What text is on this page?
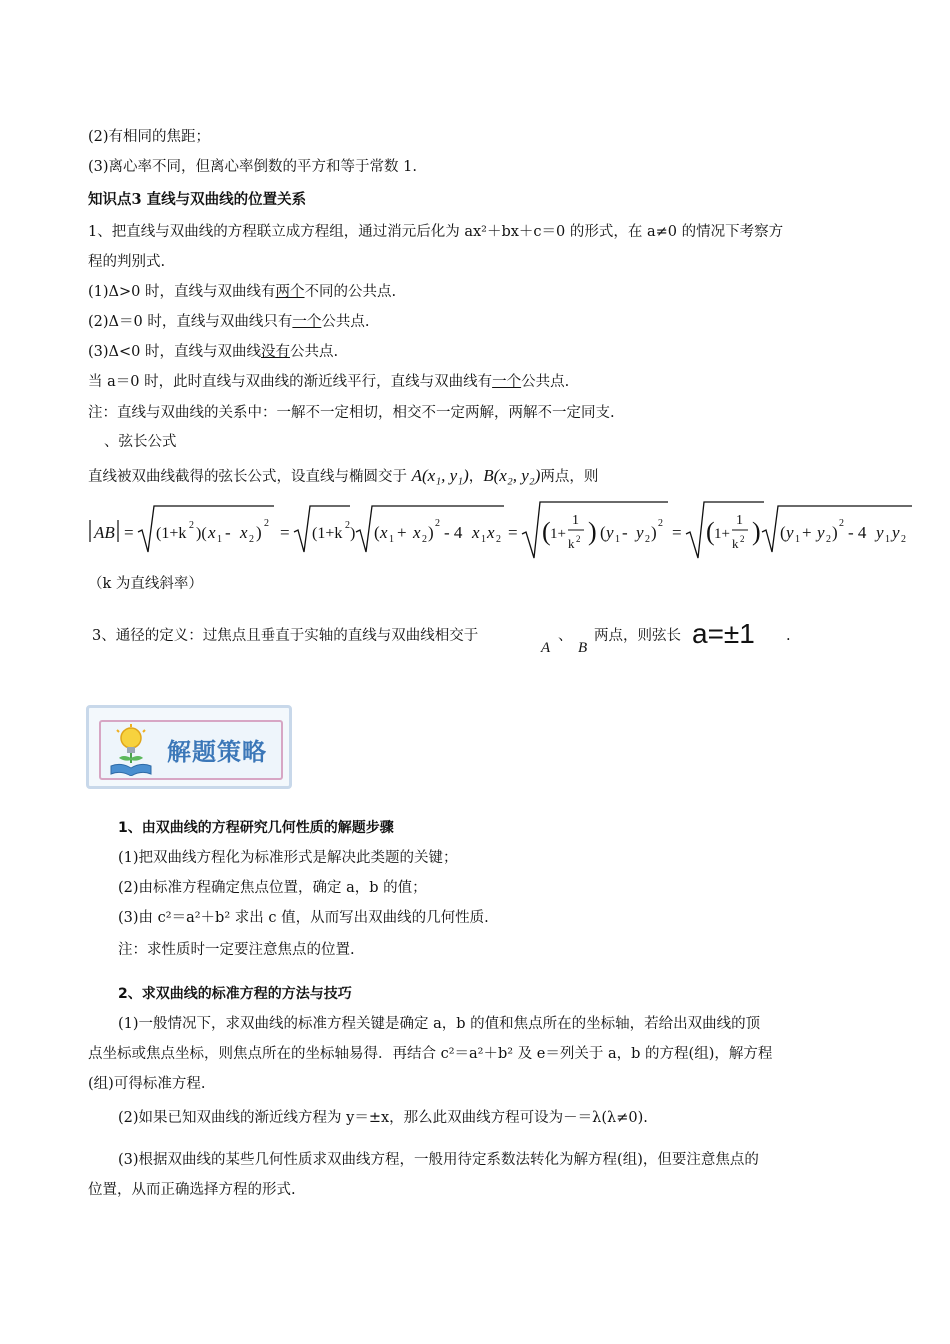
(2)有相同的焦距；
(3)离心率不同，但离心率倒数的平方和等于常数 1.
知识点3 直线与双曲线的位置关系
1、把直线与双曲线的方程联立成方程组，通过消元后化为 ax²＋bx＋c＝0 的形式，在 a≠0 的情况下考察方
程的判别式.
(1)Δ>0 时，直线与双曲线有两个不同的公共点.
(2)Δ＝0 时，直线与双曲线只有一个公共点.
(3)Δ<0 时，直线与双曲线没有公共点.
当 a＝0 时，此时直线与双曲线的渐近线平行，直线与双曲线有一个公共点.
注：直线与双曲线的关系中：一解不一定相切，相交不一定两解，两解不一定同支.
、弦长公式
直线被双曲线截得的弦长公式，设直线与椭圆交于 A(x₁, y₁)，B(x₂, y₂)两点，则
AB = (1+k 2 )( x 1 - x 2 ) 2 = (1+k 2 ) ( x 1 + x 2 ) 2 - 4 x 1 x 2 = ( 1+
1
k 2 ) ( y 1 - y 2 ) 2 = ( 1+
1
k 2 ) ( y 1 + y 2 ) 2 - 4 y 1 y 2
（k 为直线斜率）
3、通径的定义：过焦点且垂直于实轴的直线与双曲线相交于
A
、
B
两点，则弦长 a=±1 .
解题策略
1、由双曲线的方程研究几何性质的解题步骤
(1)把双曲线方程化为标准形式是解决此类题的关键；
(2)由标准方程确定焦点位置，确定 a，b 的值；
(3)由 c²＝a²＋b² 求出 c 值，从而写出双曲线的几何性质.
注：求性质时一定要注意焦点的位置.
2、求双曲线的标准方程的方法与技巧
(1)一般情况下，求双曲线的标准方程关键是确定 a，b 的值和焦点所在的坐标轴，若给出双曲线的顶
点坐标或焦点坐标，则焦点所在的坐标轴易得．再结合 c²＝a²＋b² 及 e＝列关于 a，b 的方程(组)，解方程
(组)可得标准方程.
(2)如果已知双曲线的渐近线方程为 y＝±x，那么此双曲线方程可设为－＝λ(λ≠0).
(3)根据双曲线的某些几何性质求双曲线方程，一般用待定系数法转化为解方程(组)，但要注意焦点的
位置，从而正确选择方程的形式.
